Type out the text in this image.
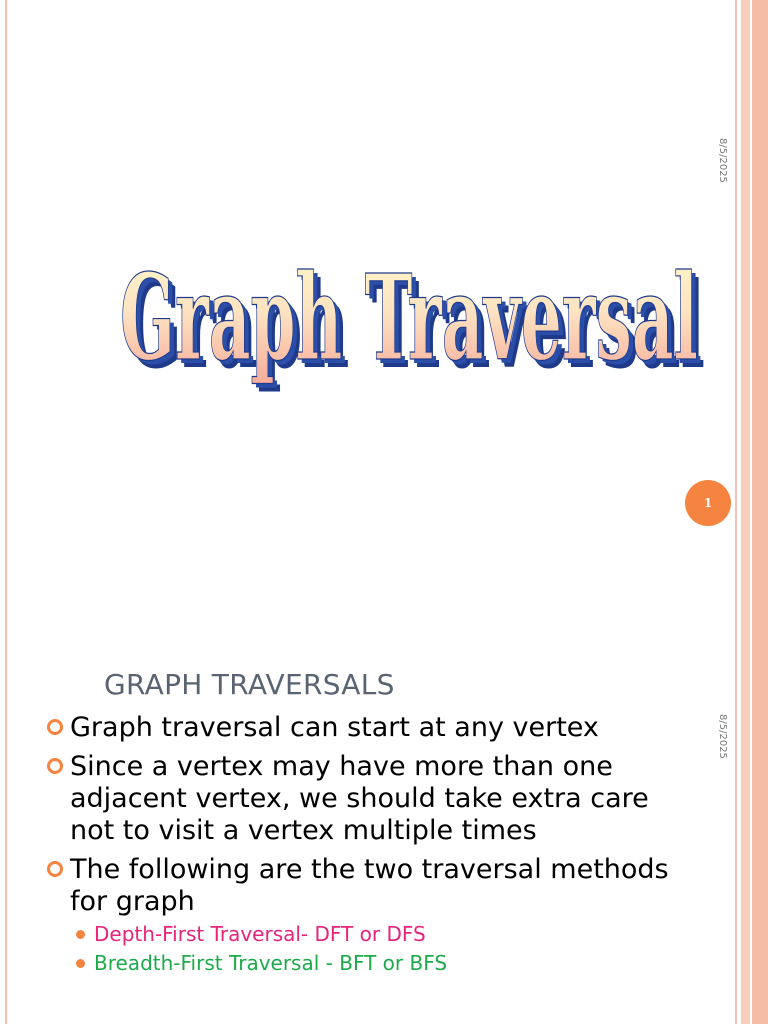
8/5/2025
Graph Traversal
Graph Traversal
Graph Traversal
1
8/5/2025
GRAPH TRAVERSALS
Graph traversal can start at any vertex
Since a vertex may have more than one adjacent vertex, we should take extra care not to visit a vertex multiple times
The following are the two traversal methods for graph
Depth-First Traversal- DFT or DFS
Breadth-First Traversal - BFT or BFS
